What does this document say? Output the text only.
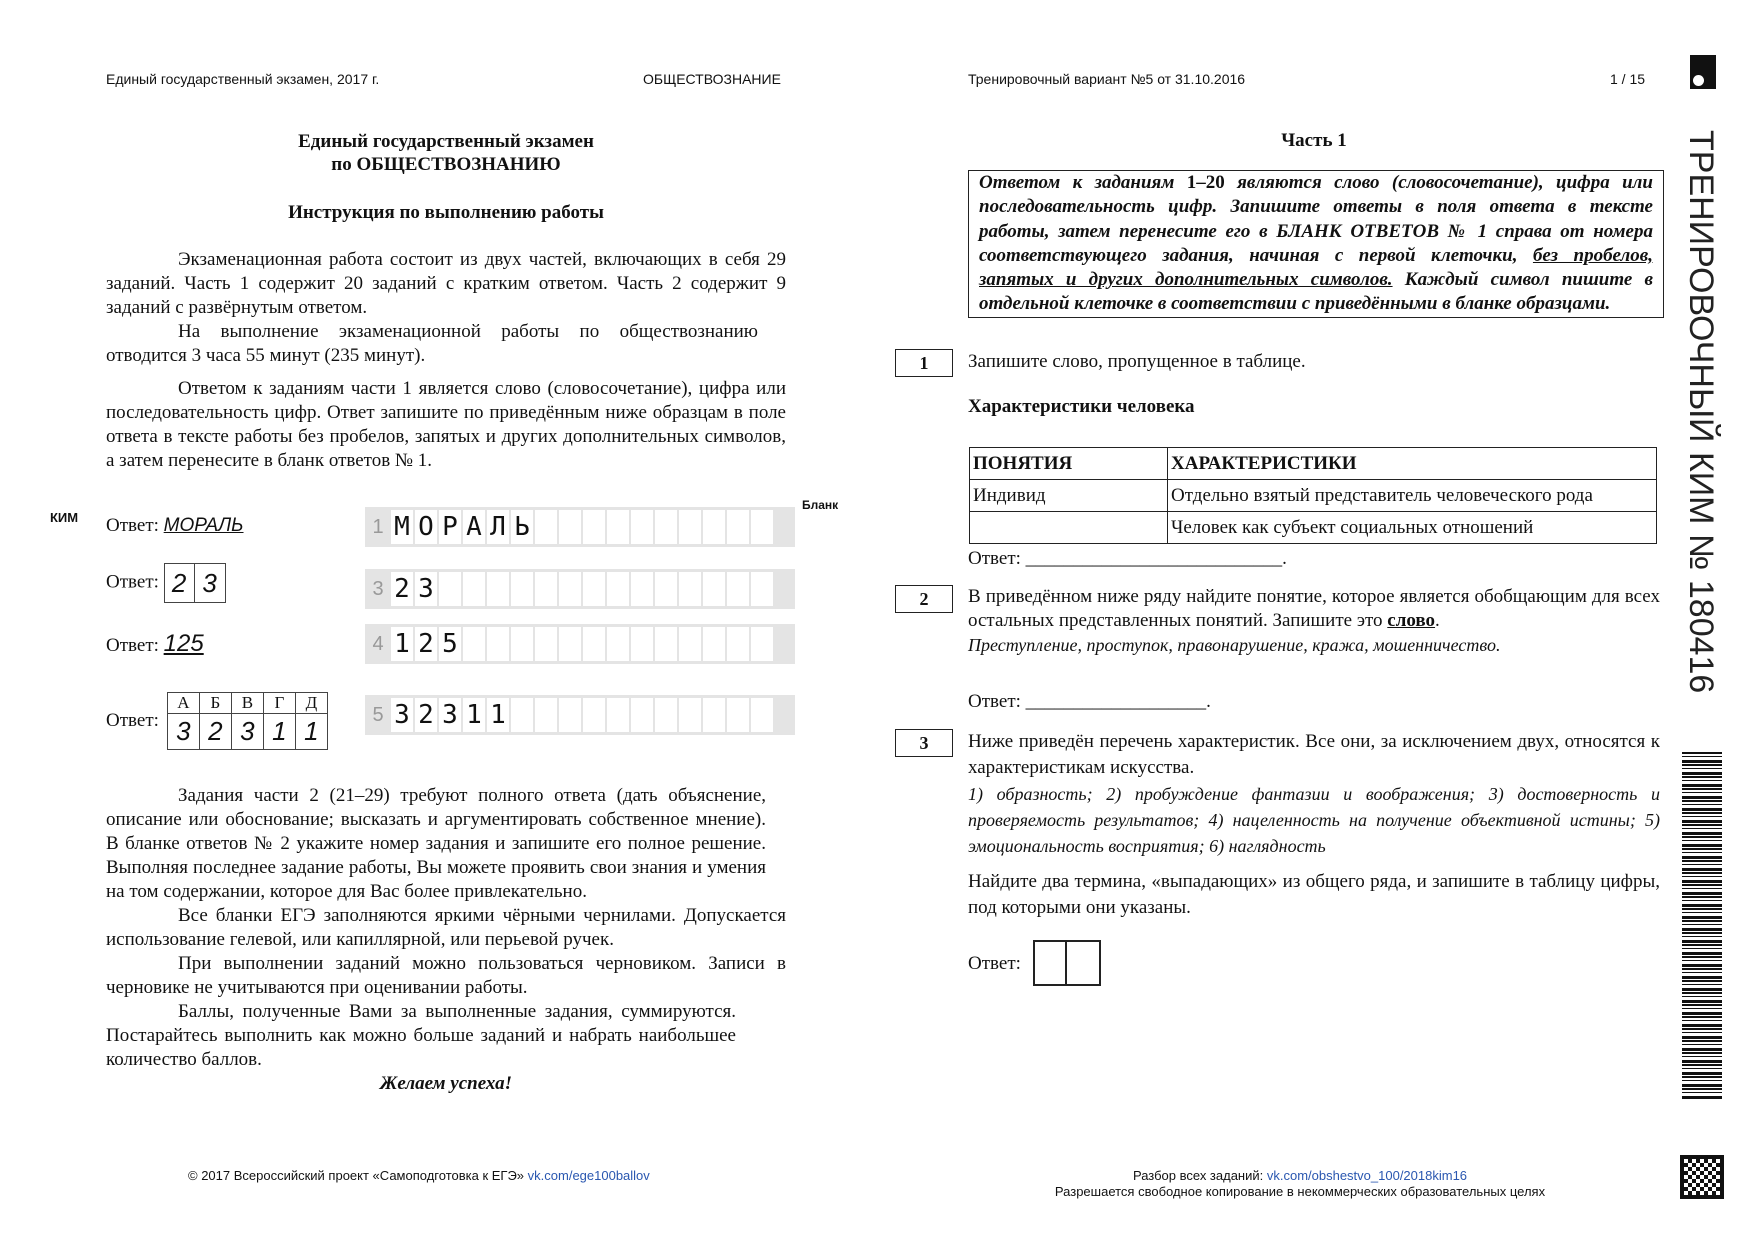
Единый государственный экзамен, 2017 г.	ОБЩЕСТВОЗНАНИЕ	Тренировочный вариант №5 от 31.10.2016	1 / 15
ТРЕНИРОВОЧНЫЙ КИМ № 180416
Единый государственный экзамен
по ОБЩЕСТВОЗНАНИЮ
Инструкция по выполнению работы

Экзаменационная работа состоит из двух частей, включающих в себя 29 заданий. Часть 1 содержит 20 заданий с кратким ответом. Часть 2 содержит 9 заданий с развёрнутым ответом.

На выполнение экзаменационной работы по обществознанию отводится 3 часа 55 минут (235 минут).

Ответом к заданиям части 1 является слово (словосочетание), цифра или последовательность цифр. Ответ запишите по приведённым ниже образцам в поле ответа в тексте работы без пробелов, запятых и других дополнительных символов, а затем перенесите в бланк ответов № 1.

КИМ
Бланк
Ответ: МОРАЛЬ
Ответ: 2 3
Ответ: 125
Ответ:
А	Б	В	Г	Д
3	2	3	1	1
1 М О Р А Л Ь
3 2 3
4 1 2 5
5 3 2 3 1 1

Задания части 2 (21–29) требуют полного ответа (дать объяснение, описание или обоснование; высказать и аргументировать собственное мнение). В бланке ответов № 2 укажите номер задания и запишите его полное решение. Выполняя последнее задание работы, Вы можете проявить свои знания и умения на том содержании, которое для Вас более привлекательно.

Все бланки ЕГЭ заполняются яркими чёрными чернилами. Допускается использование гелевой, или капиллярной, или перьевой ручек.

При выполнении заданий можно пользоваться черновиком. Записи в черновике не учитываются при оценивании работы.

Баллы, полученные Вами за выполненные задания, суммируются. Постарайтесь выполнить как можно больше заданий и набрать наибольшее количество баллов.

Желаем успеха!

Часть 1
Ответом к заданиям 1–20 являются слово (словосочетание), цифра или последовательность цифр. Запишите ответы в поля ответа в тексте работы, затем перенесите его в БЛАНК ОТВЕТОВ № 1 справа от номера соответствующего задания, начиная с первой клеточки, без пробелов, запятых и других дополнительных символов. Каждый символ пишите в отдельной клеточке в соответствии с приведёнными в бланке образцами.
1	Запишите слово, пропущенное в таблице.
Характеристики человека
ПОНЯТИЯ	ХАРАКТЕРИСТИКИ
Индивид	Отдельно взятый представитель человеческого рода
	Человек как субъект социальных отношений
Ответ: ___________________________.
2	В приведённом ниже ряду найдите понятие, которое является обобщающим для всех остальных представленных понятий. Запишите это слово.

Преступление, проступок, правонарушение, кража, мошенничество.

Ответ: ___________________.
3	Ниже приведён перечень характеристик. Все они, за исключением двух, относятся к характеристикам искусства.

1) образность; 2) пробуждение фантазии и воображения; 3) достоверность и проверяемость результатов; 4) нацеленность на получение объективной истины; 5) эмоциональность восприятия; 6) наглядность

Найдите два термина, «выпадающих» из общего ряда, и запишите в таблицу цифры, под которыми они указаны.

Ответ:
© 2017 Всероссийский проект «Самоподготовка к ЕГЭ» vk.com/ege100ballov	Разбор всех заданий: vk.com/obshestvo_100/2018kim16
Разрешается свободное копирование в некоммерческих образовательных целях
